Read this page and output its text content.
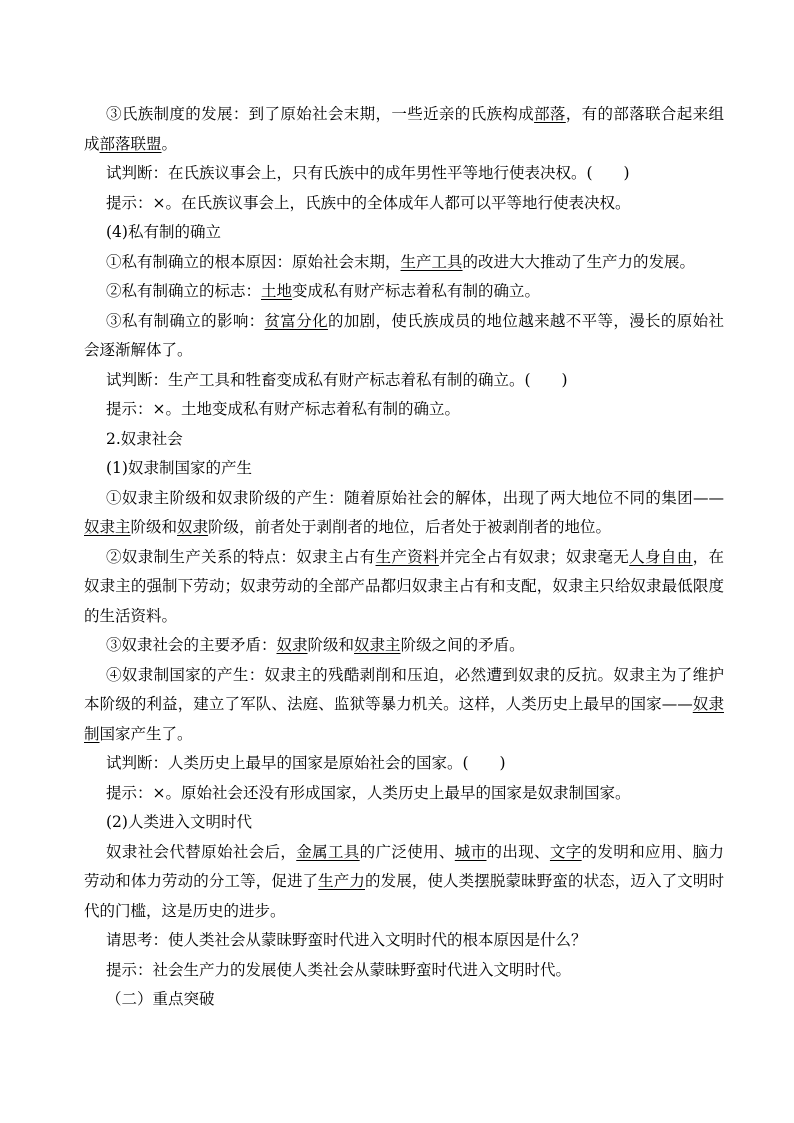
③氏族制度的发展：到了原始社会末期，一些近亲的氏族构成部落，有的部落联合起来组成部落联盟。

试判断：在氏族议事会上，只有氏族中的成年男性平等地行使表决权。(　　)

提示：×。在氏族议事会上，氏族中的全体成年人都可以平等地行使表决权。

(4)私有制的确立

①私有制确立的根本原因：原始社会末期，生产工具的改进大大推动了生产力的发展。

②私有制确立的标志：土地变成私有财产标志着私有制的确立。

③私有制确立的影响：贫富分化的加剧，使氏族成员的地位越来越不平等，漫长的原始社会逐渐解体了。

试判断：生产工具和牲畜变成私有财产标志着私有制的确立。(　　)

提示：×。土地变成私有财产标志着私有制的确立。

2.奴隶社会

(1)奴隶制国家的产生

①奴隶主阶级和奴隶阶级的产生：随着原始社会的解体，出现了两大地位不同的集团——奴隶主阶级和奴隶阶级，前者处于剥削者的地位，后者处于被剥削者的地位。

②奴隶制生产关系的特点：奴隶主占有生产资料并完全占有奴隶；奴隶毫无人身自由，在奴隶主的强制下劳动；奴隶劳动的全部产品都归奴隶主占有和支配，奴隶主只给奴隶最低限度的生活资料。

③奴隶社会的主要矛盾：奴隶阶级和奴隶主阶级之间的矛盾。

④奴隶制国家的产生：奴隶主的残酷剥削和压迫，必然遭到奴隶的反抗。奴隶主为了维护本阶级的利益，建立了军队、法庭、监狱等暴力机关。这样，人类历史上最早的国家——奴隶制国家产生了。

试判断：人类历史上最早的国家是原始社会的国家。(　　)

提示：×。原始社会还没有形成国家，人类历史上最早的国家是奴隶制国家。

(2)人类进入文明时代

奴隶社会代替原始社会后，金属工具的广泛使用、城市的出现、文字的发明和应用、脑力劳动和体力劳动的分工等，促进了生产力的发展，使人类摆脱蒙昧野蛮的状态，迈入了文明时代的门槛，这是历史的进步。

请思考：使人类社会从蒙昧野蛮时代进入文明时代的根本原因是什么？

提示：社会生产力的发展使人类社会从蒙昧野蛮时代进入文明时代。

（二）重点突破
